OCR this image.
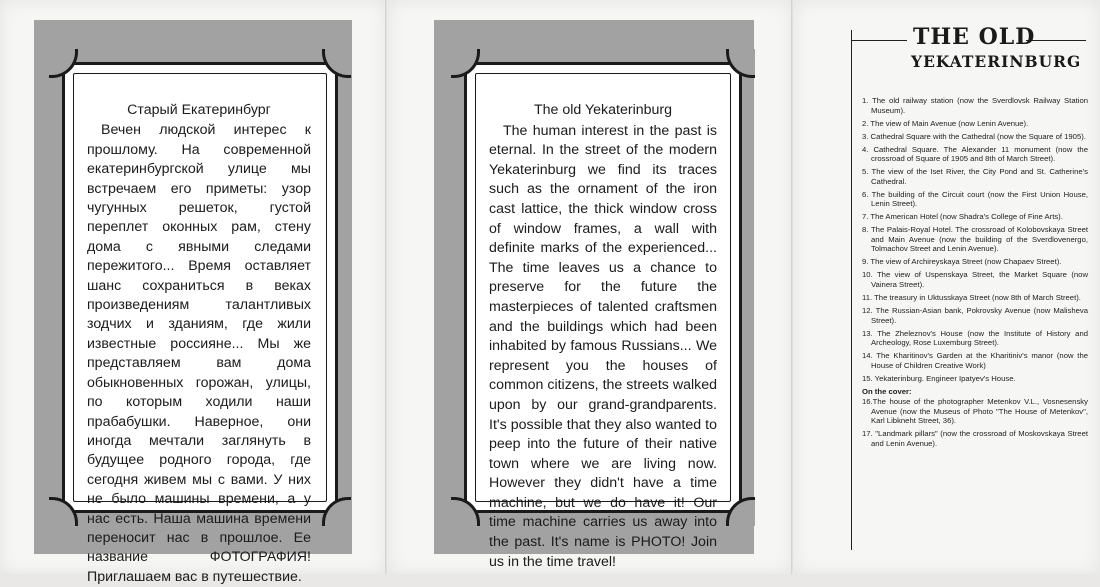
Старый Екатеринбург
Вечен людской интерес к прошлому. На современной екатеринбургской улице мы встречаем его приметы: узор чугунных решеток, густой переплет оконных рам, стену дома с явными следами пережитого... Время оставляет шанс сохраниться в веках произведениям талантливых зодчих и зданиям, где жили известные россияне... Мы же представляем вам дома обыкновенных горожан, улицы, по которым ходили наши прабабушки. Наверное, они иногда мечтали заглянуть в будущее родного города, где сегодня живем мы с вами. У них не было машины времени, а у нас есть. Наша машина времени переносит нас в прошлое. Ее название ФОТОГРАФИЯ! Приглашаем вас в путешествие.
The old Yekaterinburg
The human interest in the past is eternal. In the street of the modern Yekaterinburg we find its traces such as the ornament of the iron cast lattice, the thick window cross of window frames, a wall with definite marks of the experienced... The time leaves us a chance to preserve for the future the masterpieces of talented craftsmen and the buildings which had been inhabited by famous Russians... We represent you the houses of common citizens, the streets walked upon by our grand-grandparents. It's possible that they also wanted to peep into the future of their native town where we are living now. However they didn't have a time machine, but we do have it! Our time machine carries us away into the past. It's name is PHOTO! Join us in the time travel!
THE OLD
YEKATERINBURG
1. The old railway station (now the Sverdlovsk Railway Station Museum).
2. The view of Main Avenue (now Lenin Avenue).
3. Cathedral Square with the Cathedral (now the Square of 1905).
4. Cathedral Square. The Alexander 11 monument (now the crossroad of Square of 1905 and 8th of March Street).
5. The view of the Iset River, the City Pond and St. Catherine's Cathedral.
6. The building of the Circuit court (now the First Union House, Lenin Street).
7. The American Hotel (now Shadra's College of Fine Arts).
8. The Palais-Royal Hotel. The crossroad of Kolobovskaya Street and Main Avenue (now the building of the Sverdlovenergo, Tolmachov Street and Lenin Avenue).
9. The view of Archireyskaya Street (now Chapaev Street).
10. The view of Uspenskaya Street, the Market Square (now Vainera Street).
11. The treasury in Uktusskaya Street (now 8th of March Street).
12. The Russian-Asian bank, Pokrovsky Avenue (now Malisheva Street).
13. The Zheleznov's House (now the Institute of History and Archeology, Rose Luxemburg Street).
14. The Kharitinov's Garden at the Kharitiniv's manor (now the House of Children Creative Work)
15. Yekaterinburg. Engineer Ipatyev's House.
On the cover:
16.The house of the photographer Metenkov V.L., Vosnesensky Avenue (now the Museus of Photo "The House of Metenkov", Karl Libkneht Street, 36).
17. "Landmark pillars" (now the crossroad of Moskovskaya Street and Lenin Avenue).
